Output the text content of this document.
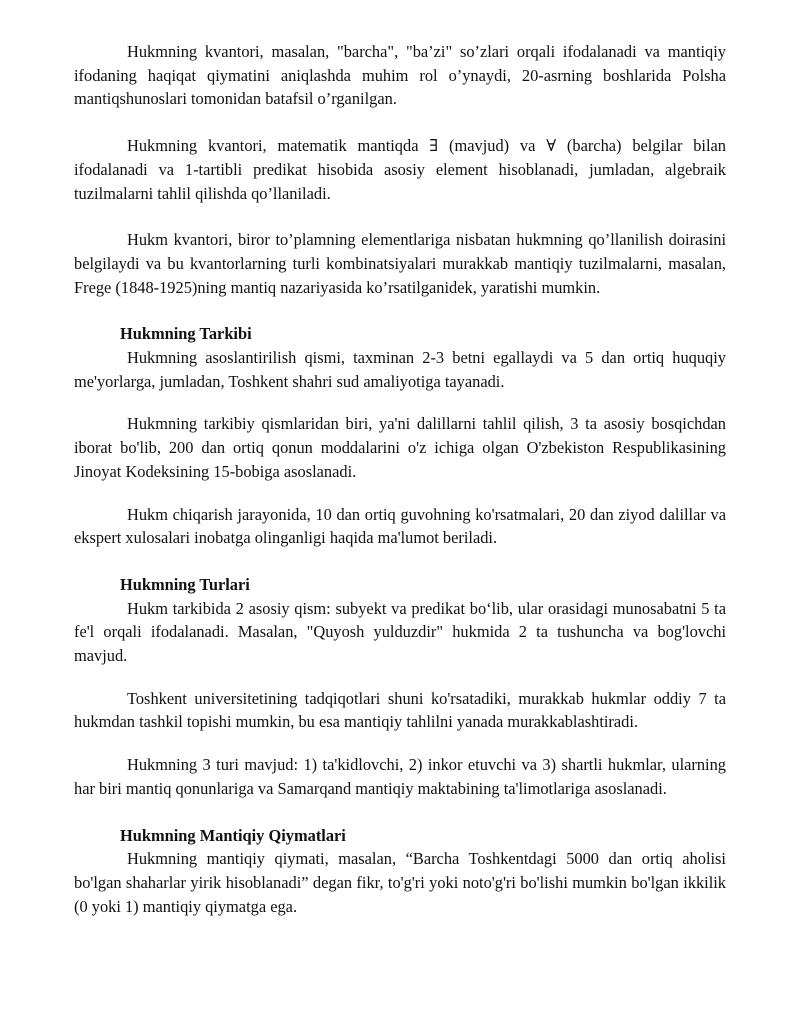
Hukmning kvantori, masalan, "barcha", "ba’zi" so’zlari orqali ifodalanadi va mantiqiy ifodaning haqiqat qiymatini aniqlashda muhim rol o’ynaydi, 20-asrning boshlarida Polsha mantiqshunoslari tomonidan batafsil o’rganilgan.

Hukmning kvantori, matematik mantiqda ∃ (mavjud) va ∀ (barcha) belgilar bilan ifodalanadi va 1-tartibli predikat hisobida asosiy element hisoblanadi, jumladan, algebraik tuzilmalarni tahlil qilishda qo’llaniladi.

Hukm kvantori, biror to’plamning elementlariga nisbatan hukmning qo’llanilish doirasini belgilaydi va bu kvantorlarning turli kombinatsiyalari murakkab mantiqiy tuzilmalarni, masalan, Frege (1848-1925)ning mantiq nazariyasida ko’rsatilganidek, yaratishi mumkin.

Hukmning Tarkibi

Hukmning asoslantirilish qismi, taxminan 2-3 betni egallaydi va 5 dan ortiq huquqiy me'yorlarga, jumladan, Toshkent shahri sud amaliyotiga tayanadi.

Hukmning tarkibiy qismlaridan biri, ya'ni dalillarni tahlil qilish, 3 ta asosiy bosqichdan iborat bo'lib, 200 dan ortiq qonun moddalarini o'z ichiga olgan O'zbekiston Respublikasining Jinoyat Kodeksining 15-bobiga asoslanadi.

Hukm chiqarish jarayonida, 10 dan ortiq guvohning ko'rsatmalari, 20 dan ziyod dalillar va ekspert xulosalari inobatga olinganligi haqida ma'lumot beriladi.

Hukmning Turlari

Hukm tarkibida 2 asosiy qism: subyekt va predikat bo‘lib, ular orasidagi munosabatni 5 ta fe'l orqali ifodalanadi. Masalan, "Quyosh yulduzdir" hukmida 2 ta tushuncha va bog'lovchi mavjud.

Toshkent universitetining tadqiqotlari shuni ko'rsatadiki, murakkab hukmlar oddiy 7 ta hukmdan tashkil topishi mumkin, bu esa mantiqiy tahlilni yanada murakkablashtiradi.

Hukmning 3 turi mavjud: 1) ta'kidlovchi, 2) inkor etuvchi va 3) shartli hukmlar, ularning har biri mantiq qonunlariga va Samarqand mantiqiy maktabining ta'limotlariga asoslanadi.

Hukmning Mantiqiy Qiymatlari

Hukmning mantiqiy qiymati, masalan, “Barcha Toshkentdagi 5000 dan ortiq aholisi bo'lgan shaharlar yirik hisoblanadi” degan fikr, to'g'ri yoki noto'g'ri bo'lishi mumkin bo'lgan ikkilik (0 yoki 1) mantiqiy qiymatga ega.
